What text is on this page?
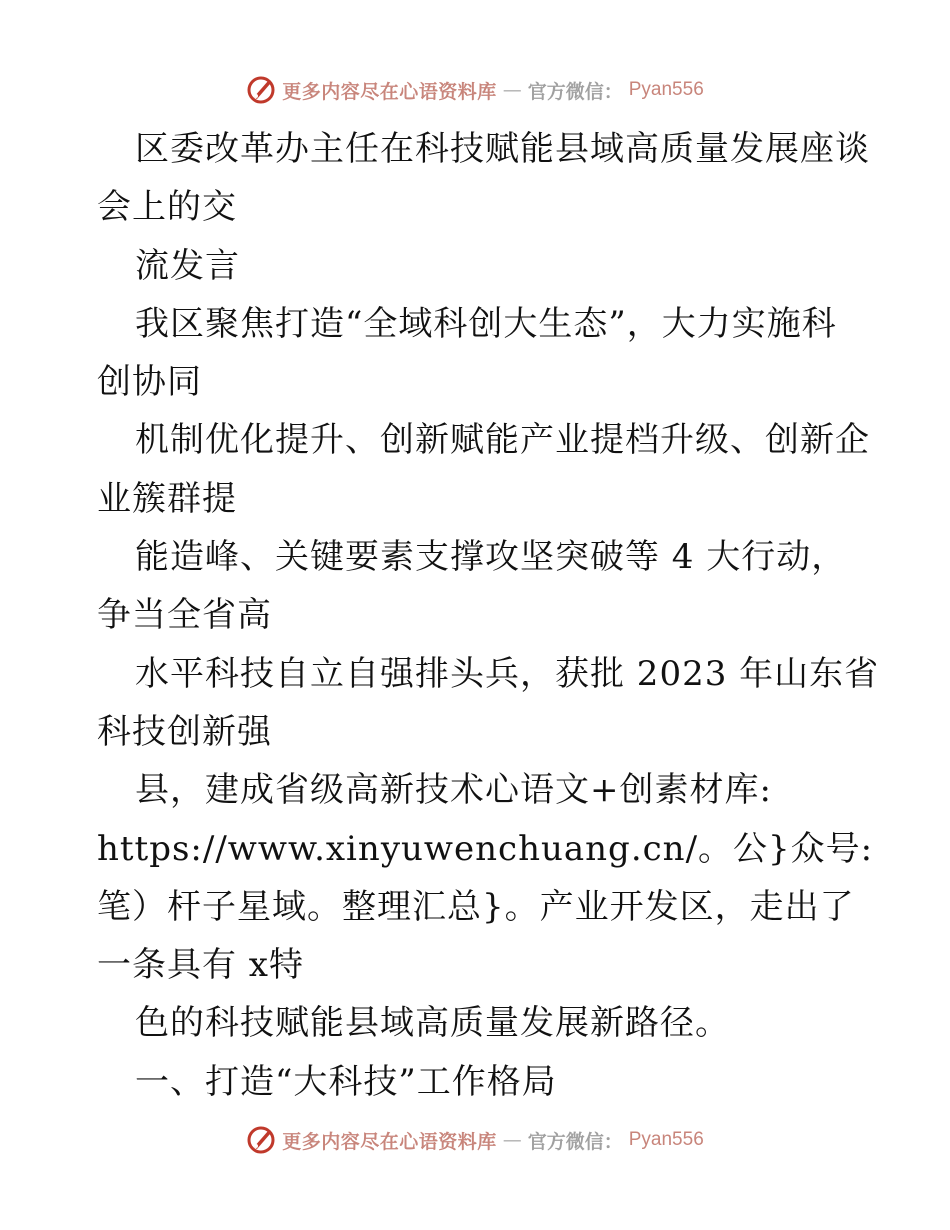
更多内容尽在心语资料库 — 官方微信： Pyan556
区委改革办主任在科技赋能县域高质量发展座谈
会上的交
流发言
我区聚焦打造“全域科创大生态”，大力实施科
创协同
机制优化提升、创新赋能产业提档升级、创新企
业簇群提
能造峰、关键要素支撑攻坚突破等 4 大行动，
争当全省高
水平科技自立自强排头兵，获批 2023 年山东省
科技创新强
县，建成省级高新技术心语文+创素材库:
https://www.xinyuwenchuang.cn/。公}众号:
笔）杆子星域。整理汇总}。产业开发区，走出了
一条具有 x特
色的科技赋能县域高质量发展新路径。
一、打造“大科技”工作格局
更多内容尽在心语资料库 — 官方微信： Pyan556
